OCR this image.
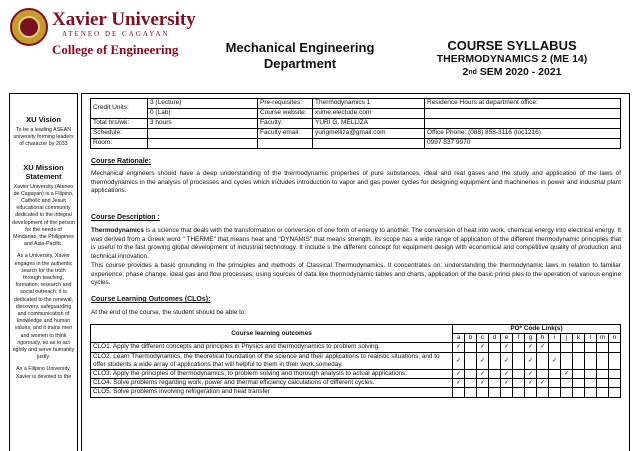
Xavier University
ATENEO DE CAGAYAN
College of Engineering	Mechanical Engineering
Department
COURSE SYLLABUS
THERMODYNAMICS 2 (ME 14)
2nd SEM 2020 - 2021
XU Vision
To be a leading ASEAN university forming leaders of character by 2033
XU Mission Statement
Xavier University (Ateneo de Cagayan) is a Filipino, Catholic and Jesuit educational community dedicated to the integral development of the person for the needs of Mindanao, the Philippines and Asia-Pacific.
As a University, Xavier engages in the authentic search for the truth through teaching, formation, research and social outreach; it is dedicated to the renewal, discovery, safeguarding and communication of knowledge and human values; and it trains men and women to think rigorously, so as to act rightly and serve humanity justly.
As a Filipino University, Xavier is devoted to the
Credit Units:	3 (Lecture)	Pre-requisites:	Thermodynamics 1	Residence Hours at department office:
	0 (Lab)	Course website:	xume.electude.com	
Total hrs/wk:	3 hours	Faculty:	YURI G. MELLIZA	
Schedule:		Faculty email:	yurigmelliza@gmail.com	Office Phone: (088) 858-3116 (loc1216)
Room:				0997 837 9970
Course Rationale:
Mechanical engineers should have a deep understanding of the thermodynamic properties of pure substances, ideal and real gases and the study and application of the laws of thermodynamics in the analysis of processes and cycles which includes introduction to vapor and gas power cycles for designing equipment and machineries in power and industrial plant applications.
Course Description :
Thermodynamics is a science that deals with the transformation or conversion of one form of energy to another. The conversion of heat into work, chemical energy into electrical energy. It was derived from a Greek word " THERME" that means heat and "DYNAMIS" that means strength. Its scope has a wide range of application of the different thermodynamic principles that is useful to the fast growing global development of industrial technology. It include s the different concept for equipment design with economical and competitive quality of production and technical innovation.
This course provides a basic grounding in the principles and methods of Classical Thermodynamics. It concentrates on: understanding the thermodynamic laws in relation to familiar experience; phase change, ideal gas and flow processes; using sources of data like thermodynamic tables and charts; application of the basic princi ples to the operation of various engine cycles.
Course Learning Outcomes (CLOs):
At the end of the course, the student should be able to:
Course learning outcomes	PO* Code Link(s)													
	a	b	c	d	e	f	g	h	i	j	k	l	m	n
CLO1. Apply the different concepts and principles in Physics and thermodynamics to problem solving.	✓		✓		✓		✓	✓						
CLO2. Learn Thermodynamics, the theoretical foundation of the science and their applications to realistic situations; and to offer students a wide array of applications that will helpful to them in their work someday.	✓		✓		✓		✓		✓					
CLO3. Apply the principles of thermodynamics, to problem solving and thorough analysis to actual applications.	✓		✓		✓		✓			✓				
CLO4. Solve problems regarding work, power and thermal efficiency calculations of different cycles.	✓		✓		✓		✓	✓						
CLO5. Solve problems involving refrigeration and heat transfer														
